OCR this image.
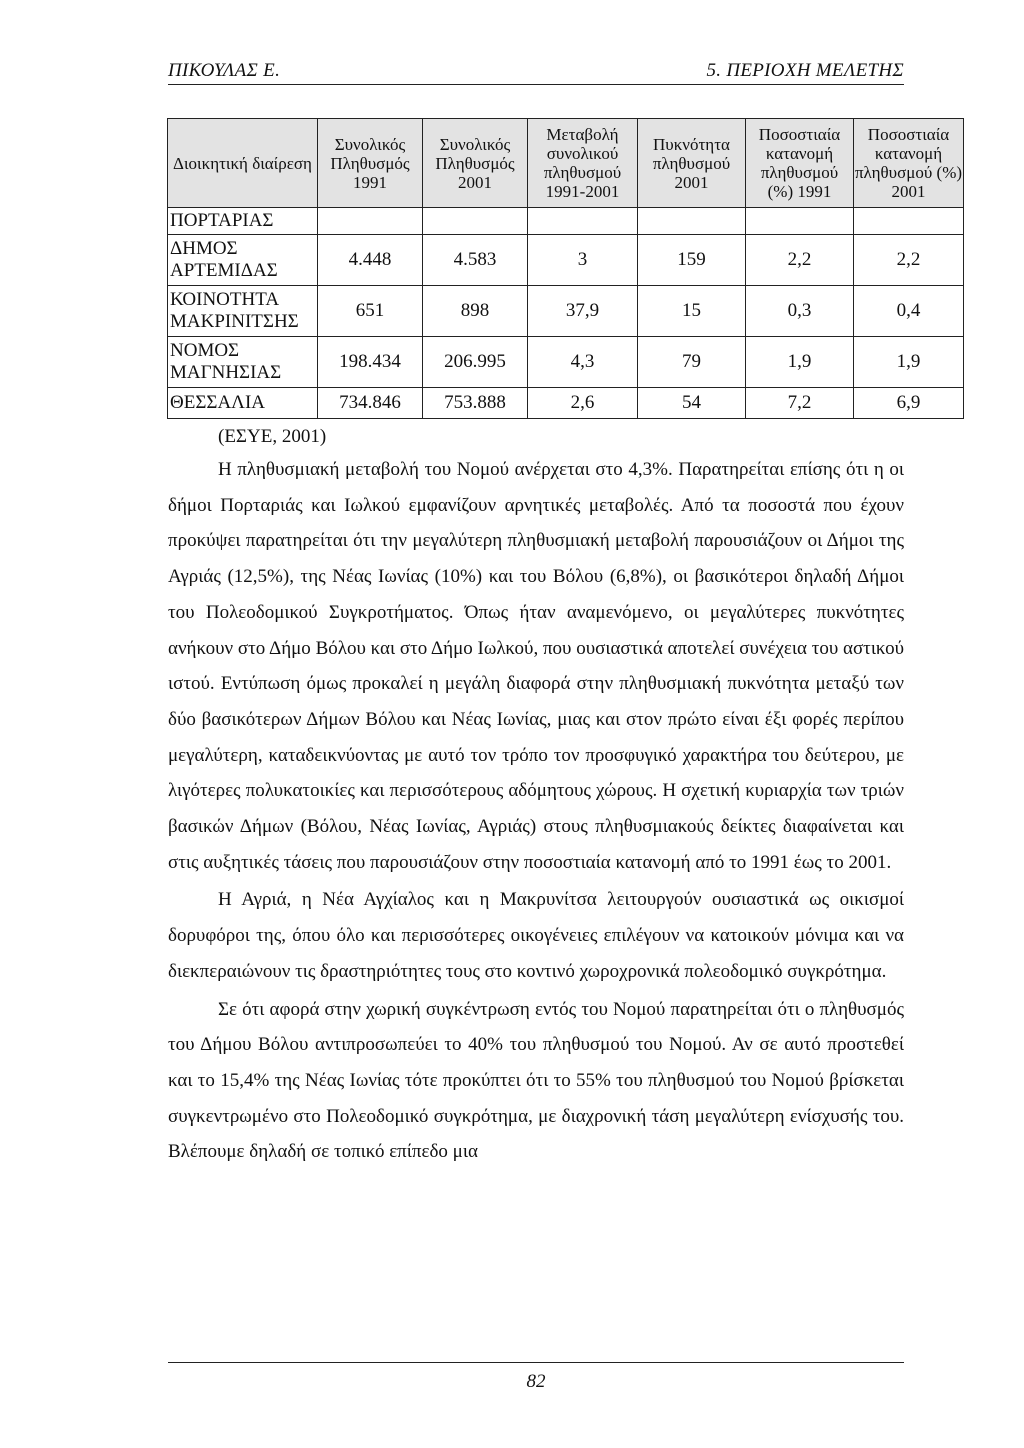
ΠΙΚΟΥΛΑΣ Ε.	5. ΠΕΡΙΟΧΗ ΜΕΛΕΤΗΣ
Διοικητική διαίρεση	Συνολικός Πληθυσμός 1991	Συνολικός Πληθυσμός 2001	Μεταβολή συνολικού πληθυσμού 1991-2001	Πυκνότητα πληθυσμού 2001	Ποσοστιαία κατανομή πληθυσμού (%) 1991	Ποσοστιαία κατανομή πληθυσμού (%) 2001
ΠΟΡΤΑΡΙΑΣ						
ΔΗΜΟΣ ΑΡΤΕΜΙΔΑΣ	4.448	4.583	3	159	2,2	2,2
ΚΟΙΝΟΤΗΤΑ ΜΑΚΡΙΝΙΤΣΗΣ	651	898	37,9	15	0,3	0,4
ΝΟΜΟΣ ΜΑΓΝΗΣΙΑΣ	198.434	206.995	4,3	79	1,9	1,9
ΘΕΣΣΑΛΙΑ	734.846	753.888	2,6	54	7,2	6,9
(ΕΣΥΕ, 2001)

Η πληθυσμιακή μεταβολή του Νομού ανέρχεται στο 4,3%. Παρατηρείται επίσης ότι η οι δήμοι Πορταριάς και Ιωλκού εμφανίζουν αρνητικές μεταβολές. Από τα ποσοστά που έχουν προκύψει παρατηρείται ότι την μεγαλύτερη πληθυσμιακή μεταβολή παρουσιάζουν οι Δήμοι της Αγριάς (12,5%), της Νέας Ιωνίας (10%) και του Βόλου (6,8%), οι βασικότεροι δηλαδή Δήμοι του Πολεοδομικού Συγκροτήματος. Όπως ήταν αναμενόμενο, οι μεγαλύτερες πυκνότητες ανήκουν στο Δήμο Βόλου και στο Δήμο Ιωλκού, που ουσιαστικά αποτελεί συνέχεια του αστικού ιστού. Εντύπωση όμως προκαλεί η μεγάλη διαφορά στην πληθυσμιακή πυκνότητα μεταξύ των δύο βασικότερων Δήμων Βόλου και Νέας Ιωνίας, μιας και στον πρώτο είναι έξι φορές περίπου μεγαλύτερη, καταδεικνύοντας με αυτό τον τρόπο τον προσφυγικό χαρακτήρα του δεύτερου, με λιγότερες πολυκατοικίες και περισσότερους αδόμητους χώρους. Η σχετική κυριαρχία των τριών βασικών Δήμων (Βόλου, Νέας Ιωνίας, Αγριάς) στους πληθυσμιακούς δείκτες διαφαίνεται και στις αυξητικές τάσεις που παρουσιάζουν στην ποσοστιαία κατανομή από το 1991 έως το 2001.

Η Αγριά, η Νέα Αγχίαλος και η Μακρυνίτσα λειτουργούν ουσιαστικά ως οικισμοί δορυφόροι της, όπου όλο και περισσότερες οικογένειες επιλέγουν να κατοικούν μόνιμα και να διεκπεραιώνουν τις δραστηριότητες τους στο κοντινό χωροχρονικά πολεοδομικό συγκρότημα.

Σε ότι αφορά στην χωρική συγκέντρωση εντός του Νομού παρατηρείται ότι ο πληθυσμός του Δήμου Βόλου αντιπροσωπεύει το 40% του πληθυσμού του Νομού. Αν σε αυτό προστεθεί και το 15,4% της Νέας Ιωνίας τότε προκύπτει ότι το 55% του πληθυσμού του Νομού βρίσκεται συγκεντρωμένο στο Πολεοδομικό συγκρότημα, με διαχρονική τάση μεγαλύτερη ενίσχυσής του. Βλέπουμε δηλαδή σε τοπικό επίπεδο μια

82
